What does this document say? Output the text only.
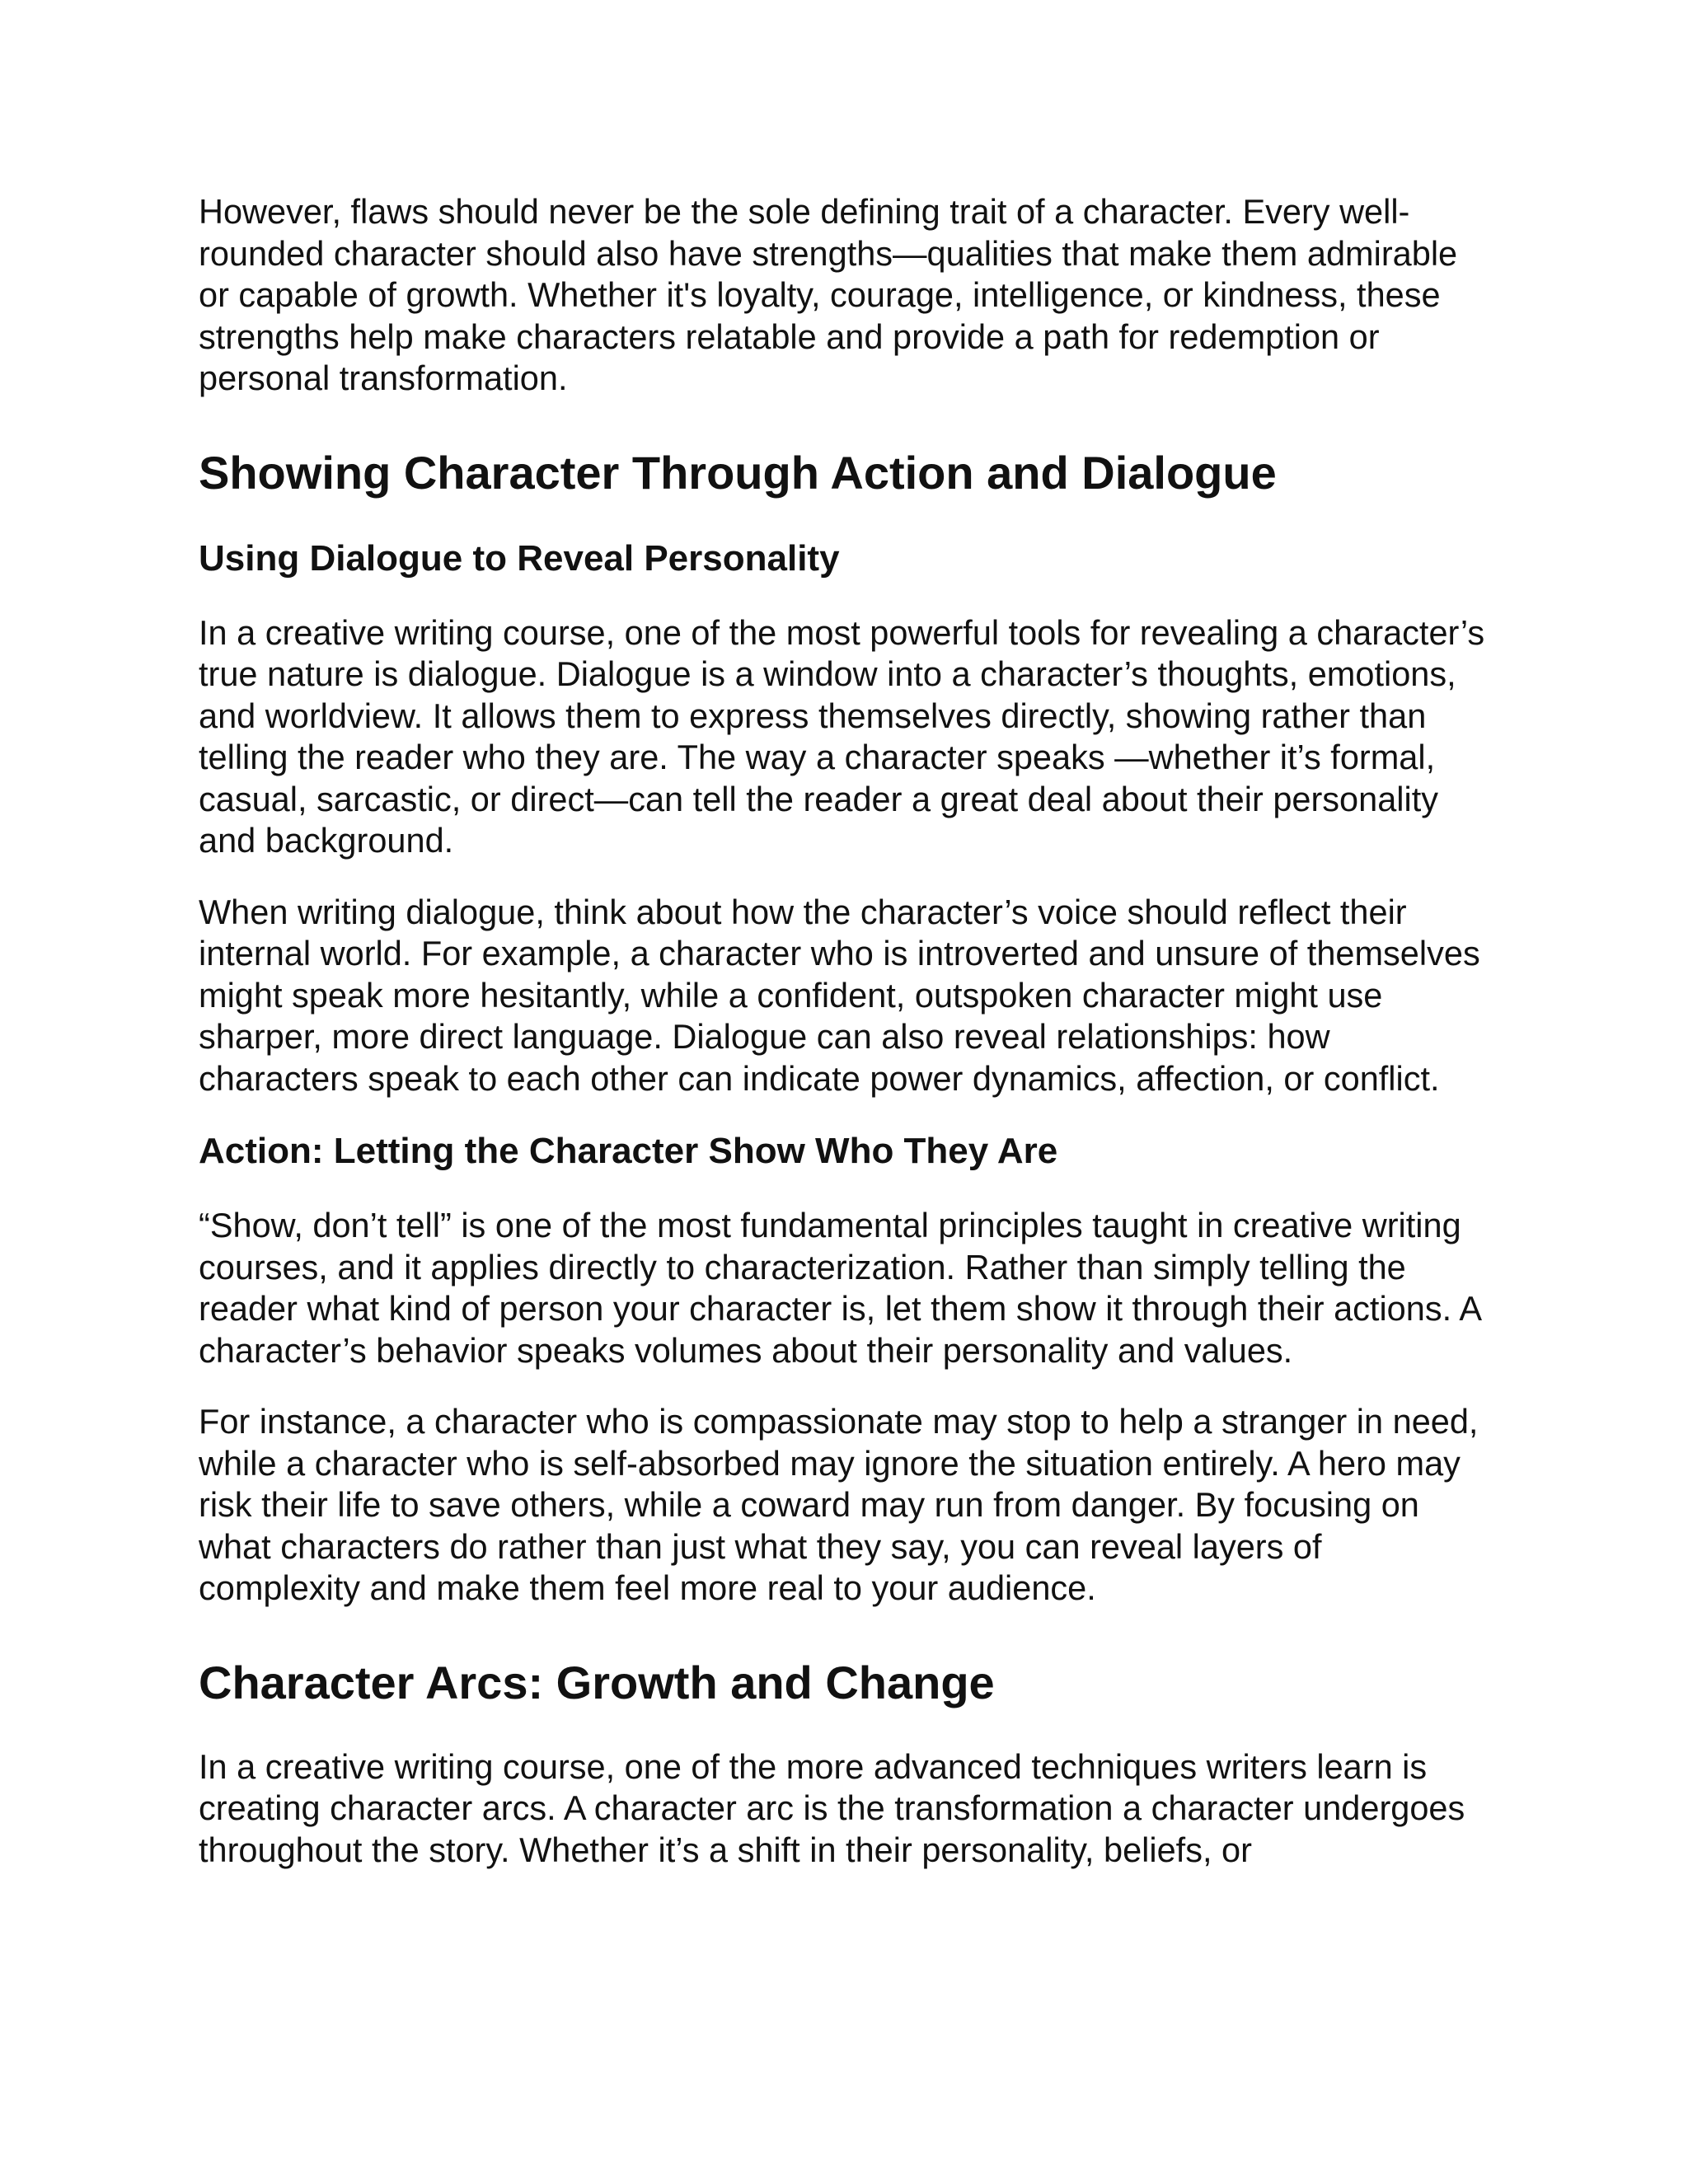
However, flaws should never be the sole defining trait of a character. Every well-rounded character should also have strengths—qualities that make them admirable or capable of growth. Whether it's loyalty, courage, intelligence, or kindness, these strengths help make characters relatable and provide a path for redemption or personal transformation.

Showing Character Through Action and Dialogue
Using Dialogue to Reveal Personality

In a creative writing course, one of the most powerful tools for revealing a character’s true nature is dialogue. Dialogue is a window into a character’s thoughts, emotions, and worldview. It allows them to express themselves directly, showing rather than telling the reader who they are. The way a character speaks —whether it’s formal, casual, sarcastic, or direct—can tell the reader a great deal about their personality and background.

When writing dialogue, think about how the character’s voice should reflect their internal world. For example, a character who is introverted and unsure of themselves might speak more hesitantly, while a confident, outspoken character might use sharper, more direct language. Dialogue can also reveal relationships: how characters speak to each other can indicate power dynamics, affection, or conflict.

Action: Letting the Character Show Who They Are

“Show, don’t tell” is one of the most fundamental principles taught in creative writing courses, and it applies directly to characterization. Rather than simply telling the reader what kind of person your character is, let them show it through their actions. A character’s behavior speaks volumes about their personality and values.

For instance, a character who is compassionate may stop to help a stranger in need, while a character who is self-absorbed may ignore the situation entirely. A hero may risk their life to save others, while a coward may run from danger. By focusing on what characters do rather than just what they say, you can reveal layers of complexity and make them feel more real to your audience.

Character Arcs: Growth and Change

In a creative writing course, one of the more advanced techniques writers learn is creating character arcs. A character arc is the transformation a character undergoes throughout the story. Whether it’s a shift in their personality, beliefs, or
